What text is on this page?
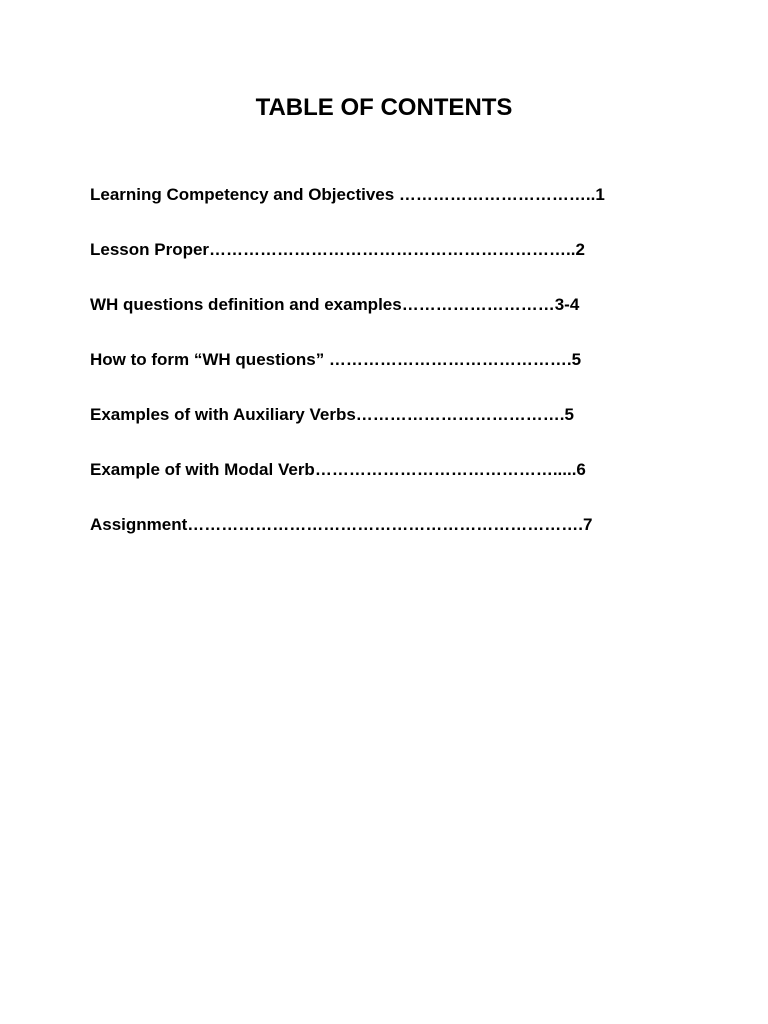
TABLE OF CONTENTS
Learning Competency and Objectives ……………………………..1
Lesson Proper………………………………………………………..2
WH questions definition and examples………………………3-4
How to form “WH questions” …………………………………….5
Examples of with Auxiliary Verbs……………………………….5
Example of with Modal Verb…………………………………….....6
Assignment…………………………………………………………….7
